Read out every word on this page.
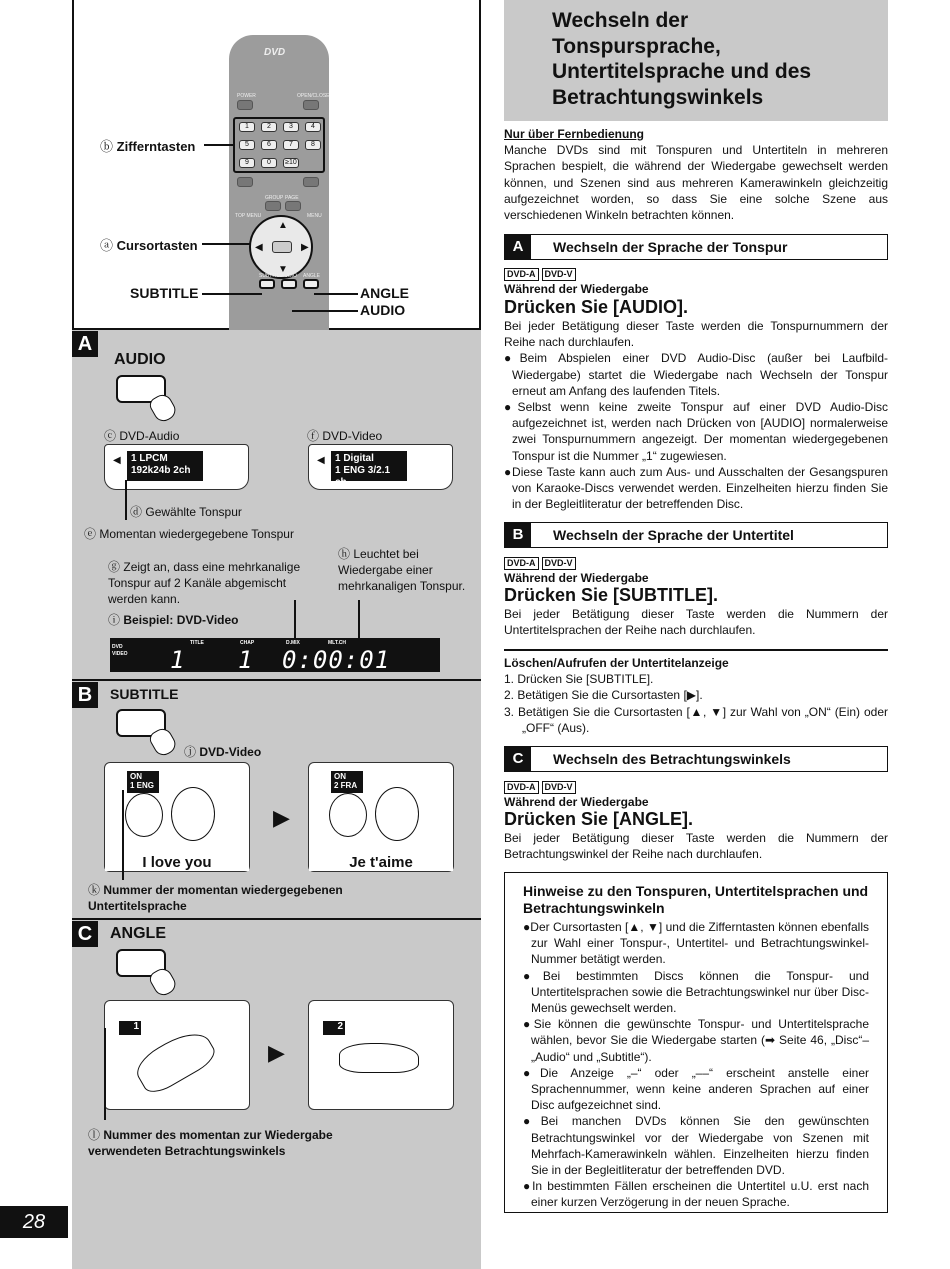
DVD
POWER	OPEN/CLOSE
1	2	3	4
5	6	7	8
9	0	≥10
GROUP PAGE
TOP MENU	MENU
▲
▼
◀	▶
SUBTITLE
AUDIO ANGLE
ⓑ Zifferntasten
ⓐ Cursortasten
SUBTITLE	ANGLE
AUDIO
A
AUDIO
ⓒ DVD-Audio	ⓕ DVD-Video
1 LPCM
192k24b 2ch
◀	1 Digital
1 ENG 3/2.1 ch
◀
ⓓ Gewählte Tonspur
ⓔ Momentan wiedergegebene Tonspur
ⓖ Zeigt an, dass eine mehrkanalige Tonspur auf 2 Kanäle abgemischt werden kann.
ⓗ Leuchtet bei Wiedergabe einer mehrkanaligen Tonspur.
ⓘ Beispiel: DVD-Video
DVD
VIDEO
TITLE	CHAP	D.MIX	MLT.CH
1 1 0:00:01
B	SUBTITLE
ⓙ DVD-Video
ON
1 ENG
I love you
▶
ON
2 FRA
Je t'aime
ⓚ Nummer der momentan wiedergegebenen Untertitelsprache
C	ANGLE
1
▶
2
ⓛ Nummer des momentan zur Wiedergabe verwendeten Betrachtungswinkels
28
Wechseln der
Tonspursprache,
Untertitelsprache und des
Betrachtungswinkels
Nur über Fernbedienung
Manche DVDs sind mit Tonspuren und Untertiteln in mehreren Sprachen bespielt, die während der Wiedergabe gewechselt werden können, und Szenen sind aus mehreren Kamerawinkeln gleichzeitig aufgezeichnet worden, so dass Sie eine solche Szene aus verschiedenen Winkeln betrachten können.
A	Wechseln der Sprache der Tonspur
DVD-A DVD-V
Während der Wiedergabe
Drücken Sie [AUDIO].
Bei jeder Betätigung dieser Taste werden die Tonspurnummern der Reihe nach durchlaufen.
●Beim Abspielen einer DVD Audio-Disc (außer bei Laufbild-Wiedergabe) startet die Wiedergabe nach Wechseln der Tonspur erneut am Anfang des laufenden Titels.
●Selbst wenn keine zweite Tonspur auf einer DVD Audio-Disc aufgezeichnet ist, werden nach Drücken von [AUDIO] normalerweise zwei Tonspurnummern angezeigt. Der momentan wiedergegebenen Tonspur ist die Nummer „1“ zugewiesen.
●Diese Taste kann auch zum Aus- und Ausschalten der Gesangspuren von Karaoke-Discs verwendet werden. Einzelheiten hierzu finden Sie in der Begleitliteratur der betreffenden Disc.
B	Wechseln der Sprache der Untertitel
DVD-A DVD-V
Während der Wiedergabe
Drücken Sie [SUBTITLE].
Bei jeder Betätigung dieser Taste werden die Nummern der Untertitelsprachen der Reihe nach durchlaufen.
Löschen/Aufrufen der Untertitelanzeige
1. Drücken Sie [SUBTITLE].
2. Betätigen Sie die Cursortasten [▶].
3. Betätigen Sie die Cursortasten [▲, ▼] zur Wahl von „ON“ (Ein) oder „OFF“ (Aus).
C	Wechseln des Betrachtungswinkels
DVD-A DVD-V
Während der Wiedergabe
Drücken Sie [ANGLE].
Bei jeder Betätigung dieser Taste werden die Nummern der Betrachtungswinkel der Reihe nach durchlaufen.
Hinweise zu den Tonspuren, Untertitelsprachen und Betrachtungswinkeln
●Der Cursortasten [▲, ▼] und die Zifferntasten können ebenfalls zur Wahl einer Tonspur-, Untertitel- und Betrachtungswinkel-Nummer betätigt werden.
●Bei bestimmten Discs können die Tonspur- und Untertitelsprachen sowie die Betrachtungswinkel nur über Disc-Menüs gewechselt werden.
●Sie können die gewünschte Tonspur- und Untertitelsprache wählen, bevor Sie die Wiedergabe starten (➡ Seite 46, „Disc“–„Audio“ und „Subtitle“).
●Die Anzeige „–“ oder „––“ erscheint anstelle einer Sprachennummer, wenn keine anderen Sprachen auf einer Disc aufgezeichnet sind.
●Bei manchen DVDs können Sie den gewünschten Betrachtungswinkel vor der Wiedergabe von Szenen mit Mehrfach-Kamerawinkeln wählen. Einzelheiten hierzu finden Sie in der Begleitliteratur der betreffenden DVD.
●In bestimmten Fällen erscheinen die Untertitel u.U. erst nach einer kurzen Verzögerung in der neuen Sprache.
